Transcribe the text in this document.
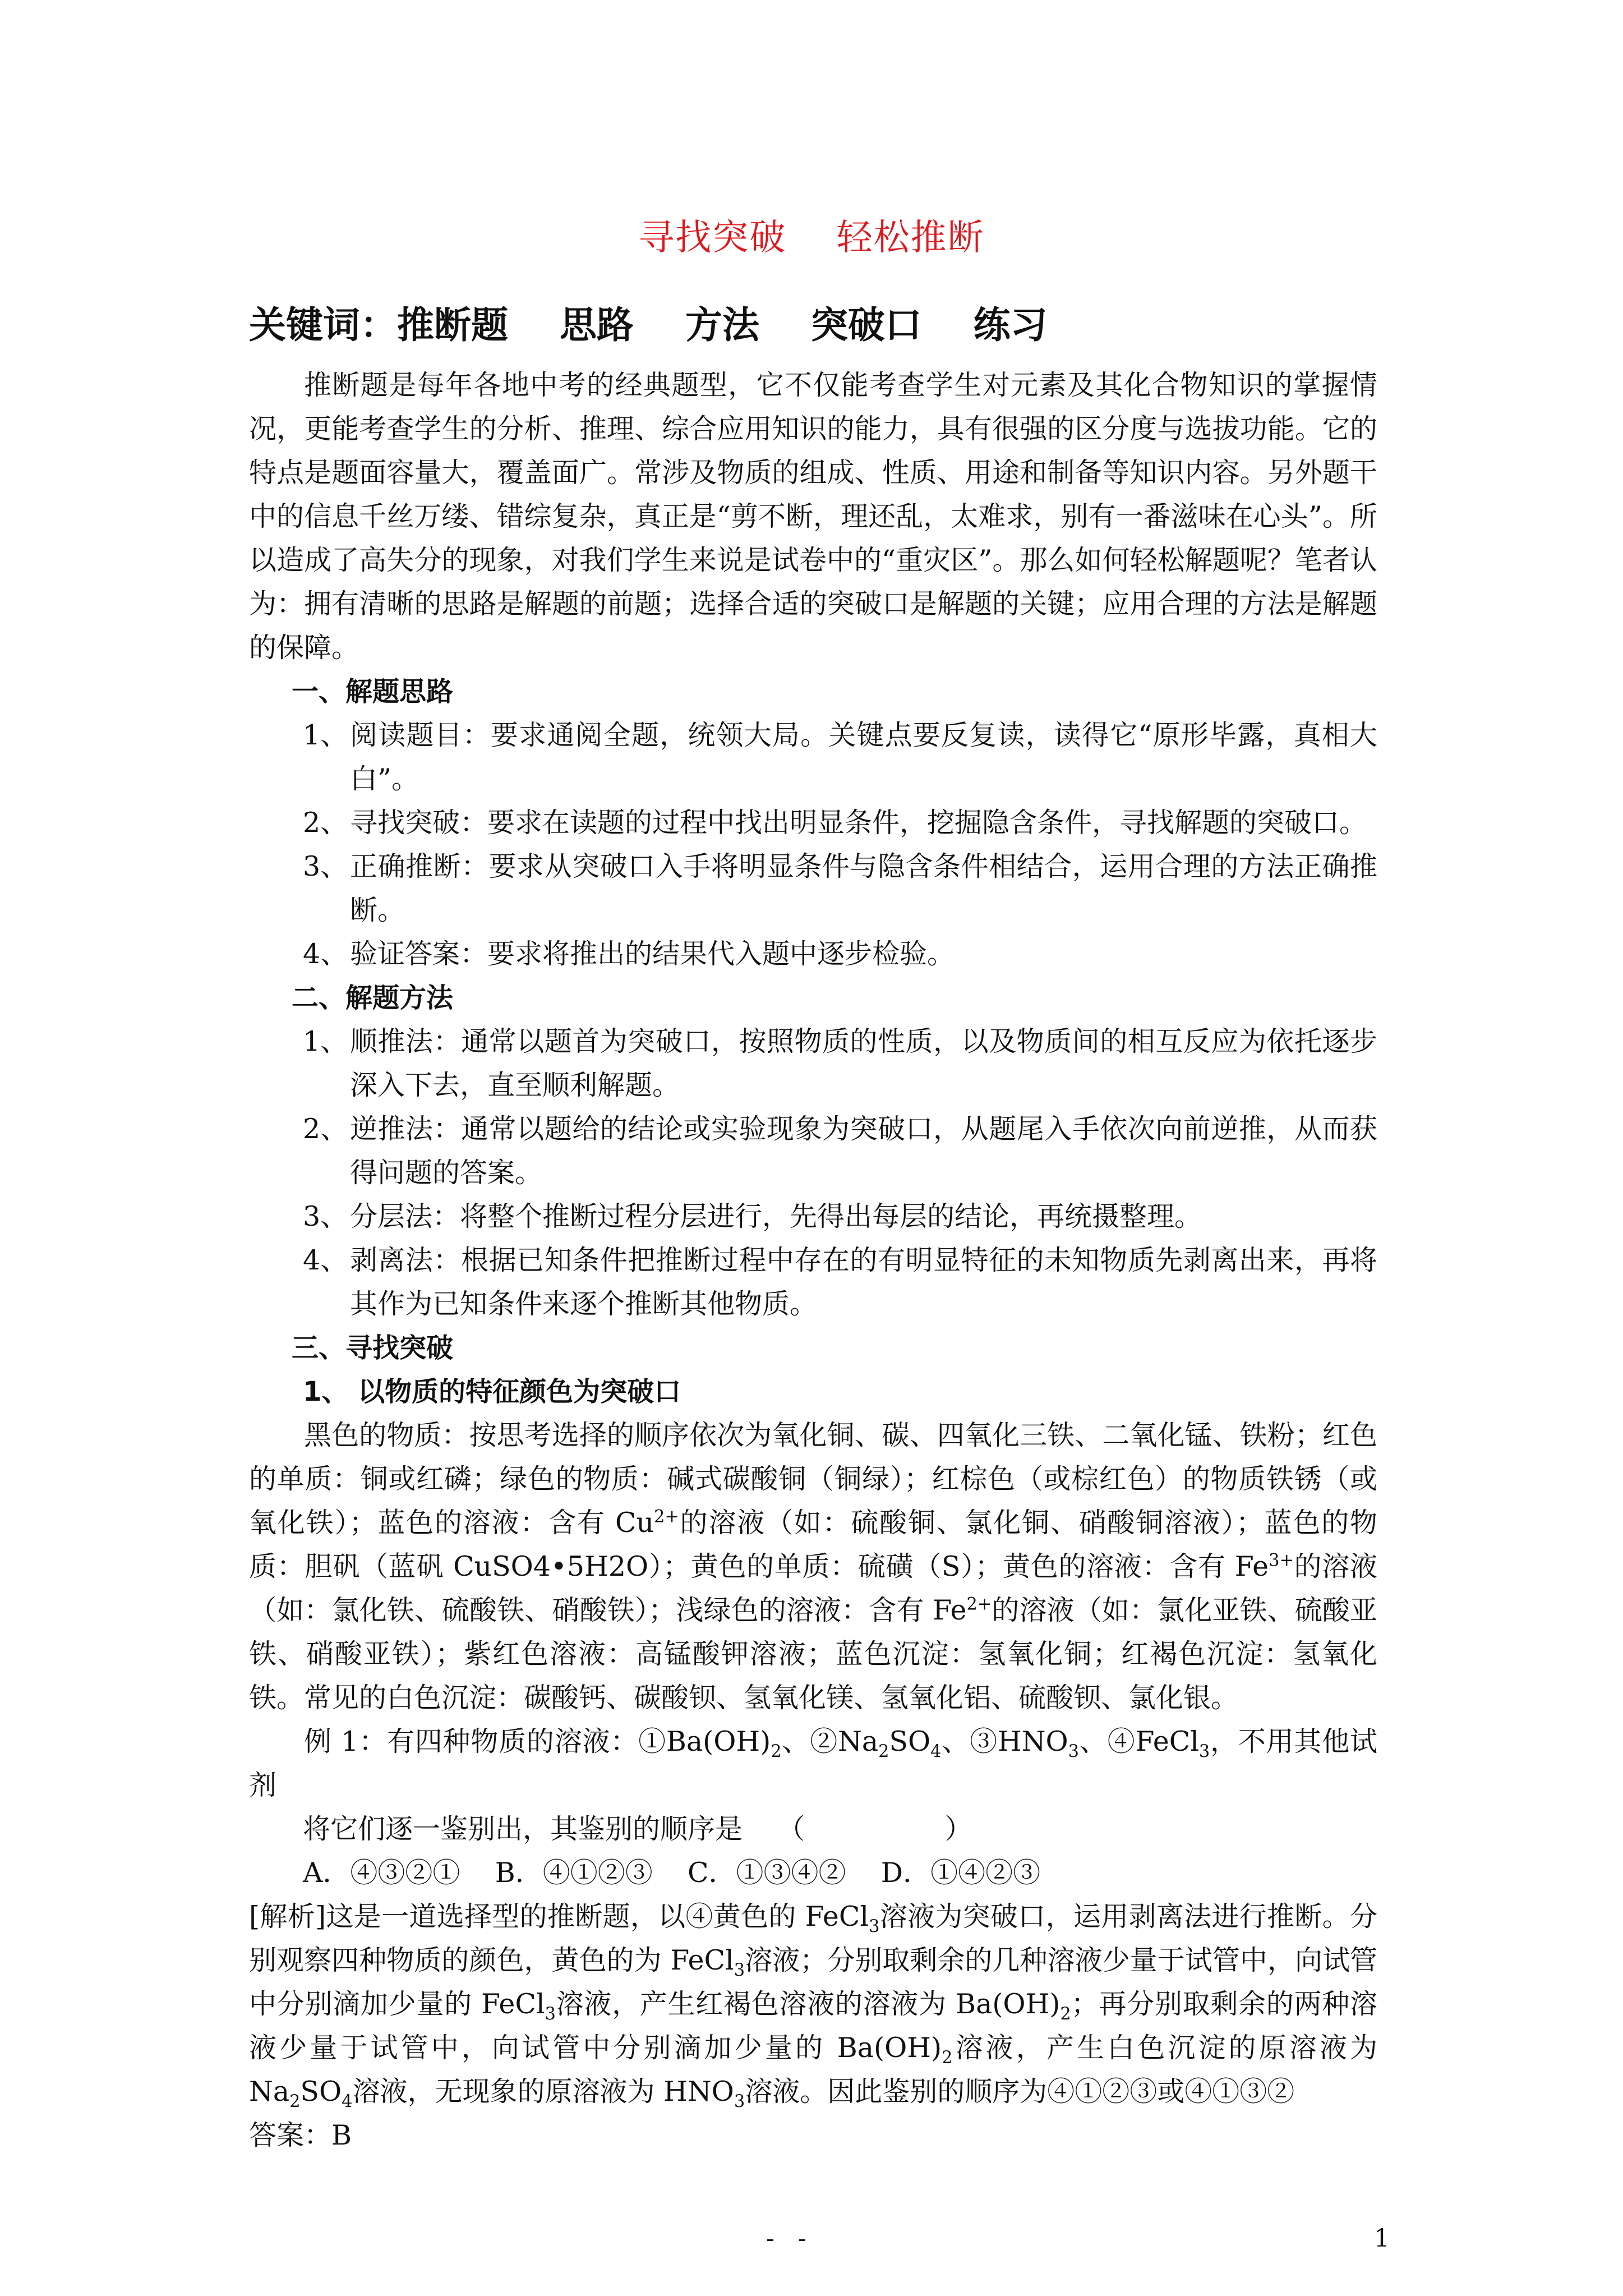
寻找突破    轻松推断
关键词：推断题    思路    方法    突破口    练习

推断题是每年各地中考的经典题型，它不仅能考查学生对元素及其化合物知识的掌握情况，更能考查学生的分析、推理、综合应用知识的能力，具有很强的区分度与选拔功能。它的特点是题面容量大，覆盖面广。常涉及物质的组成、性质、用途和制备等知识内容。另外题干中的信息千丝万缕、错综复杂，真正是“剪不断，理还乱，太难求，别有一番滋味在心头”。所以造成了高失分的现象，对我们学生来说是试卷中的“重灾区”。那么如何轻松解题呢？笔者认为：拥有清晰的思路是解题的前题；选择合适的突破口是解题的关键；应用合理的方法是解题的保障。

一、解题思路

1、 阅读题目：要求通阅全题，统领大局。关键点要反复读，读得它“原形毕露，真相大白”。
2、 寻找突破：要求在读题的过程中找出明显条件，挖掘隐含条件，寻找解题的突破口。
3、 正确推断：要求从突破口入手将明显条件与隐含条件相结合，运用合理的方法正确推断。
4、 验证答案：要求将推出的结果代入题中逐步检验。

二、解题方法

1、 顺推法：通常以题首为突破口，按照物质的性质，以及物质间的相互反应为依托逐步深入下去，直至顺利解题。
2、 逆推法：通常以题给的结论或实验现象为突破口，从题尾入手依次向前逆推，从而获得问题的答案。
3、 分层法：将整个推断过程分层进行，先得出每层的结论，再统摄整理。
4、 剥离法：根据已知条件把推断过程中存在的有明显特征的未知物质先剥离出来，再将其作为已知条件来逐个推断其他物质。

三、寻找突破

1、 以物质的特征颜色为突破口

黑色的物质：按思考选择的顺序依次为氧化铜、碳、四氧化三铁、二氧化锰、铁粉；红色的单质：铜或红磷；绿色的物质：碱式碳酸铜（铜绿）；红棕色（或棕红色）的物质铁锈（或氧化铁）；蓝色的溶液：含有 $Cu^{2+}$的溶液（如：硫酸铜、氯化铜、硝酸铜溶液）；蓝色的物质：胆矾（蓝矾 CuSO4•5H2O）；黄色的单质：硫磺（S）；黄色的溶液：含有 $Fe^{3+}$的溶液（如：氯化铁、硫酸铁、硝酸铁）；浅绿色的溶液：含有 $Fe^{2+}$的溶液（如：氯化亚铁、硫酸亚铁、硝酸亚铁）；紫红色溶液：高锰酸钾溶液；蓝色沉淀：氢氧化铜；红褐色沉淀：氢氧化铁。常见的白色沉淀：碳酸钙、碳酸钡、氢氧化镁、氢氧化铝、硫酸钡、氯化银。

例 1：有四种物质的溶液：$①Ba(OH)_2$、$②Na_2SO_4$、$③HNO_3$、④FeCl$_3$，不用其他试剂

将它们逐一鉴别出，其鉴别的顺序是    （                ）

A．④③②①    B．④①②③    C．①③④②    D．①④②③

[解析]这是一道选择型的推断题，以④黄色的 FeCl$_3$溶液为突破口，运用剥离法进行推断。分别观察四种物质的颜色，黄色的为 FeCl$_3$溶液；分别取剩余的几种溶液少量于试管中，向试管中分别滴加少量的 FeCl$_3$溶液，产生红褐色溶液的溶液为 $Ba(OH)_2$；再分别取剩余的两种溶液少量于试管中，向试管中分别滴加少量的 $Ba(OH)_2$溶液，产生白色沉淀的原溶液为 $Na_2SO_4$溶液，无现象的原溶液为 $HNO_3$溶液。因此鉴别的顺序为④①②③或④①③②

答案：B

-   -	1
